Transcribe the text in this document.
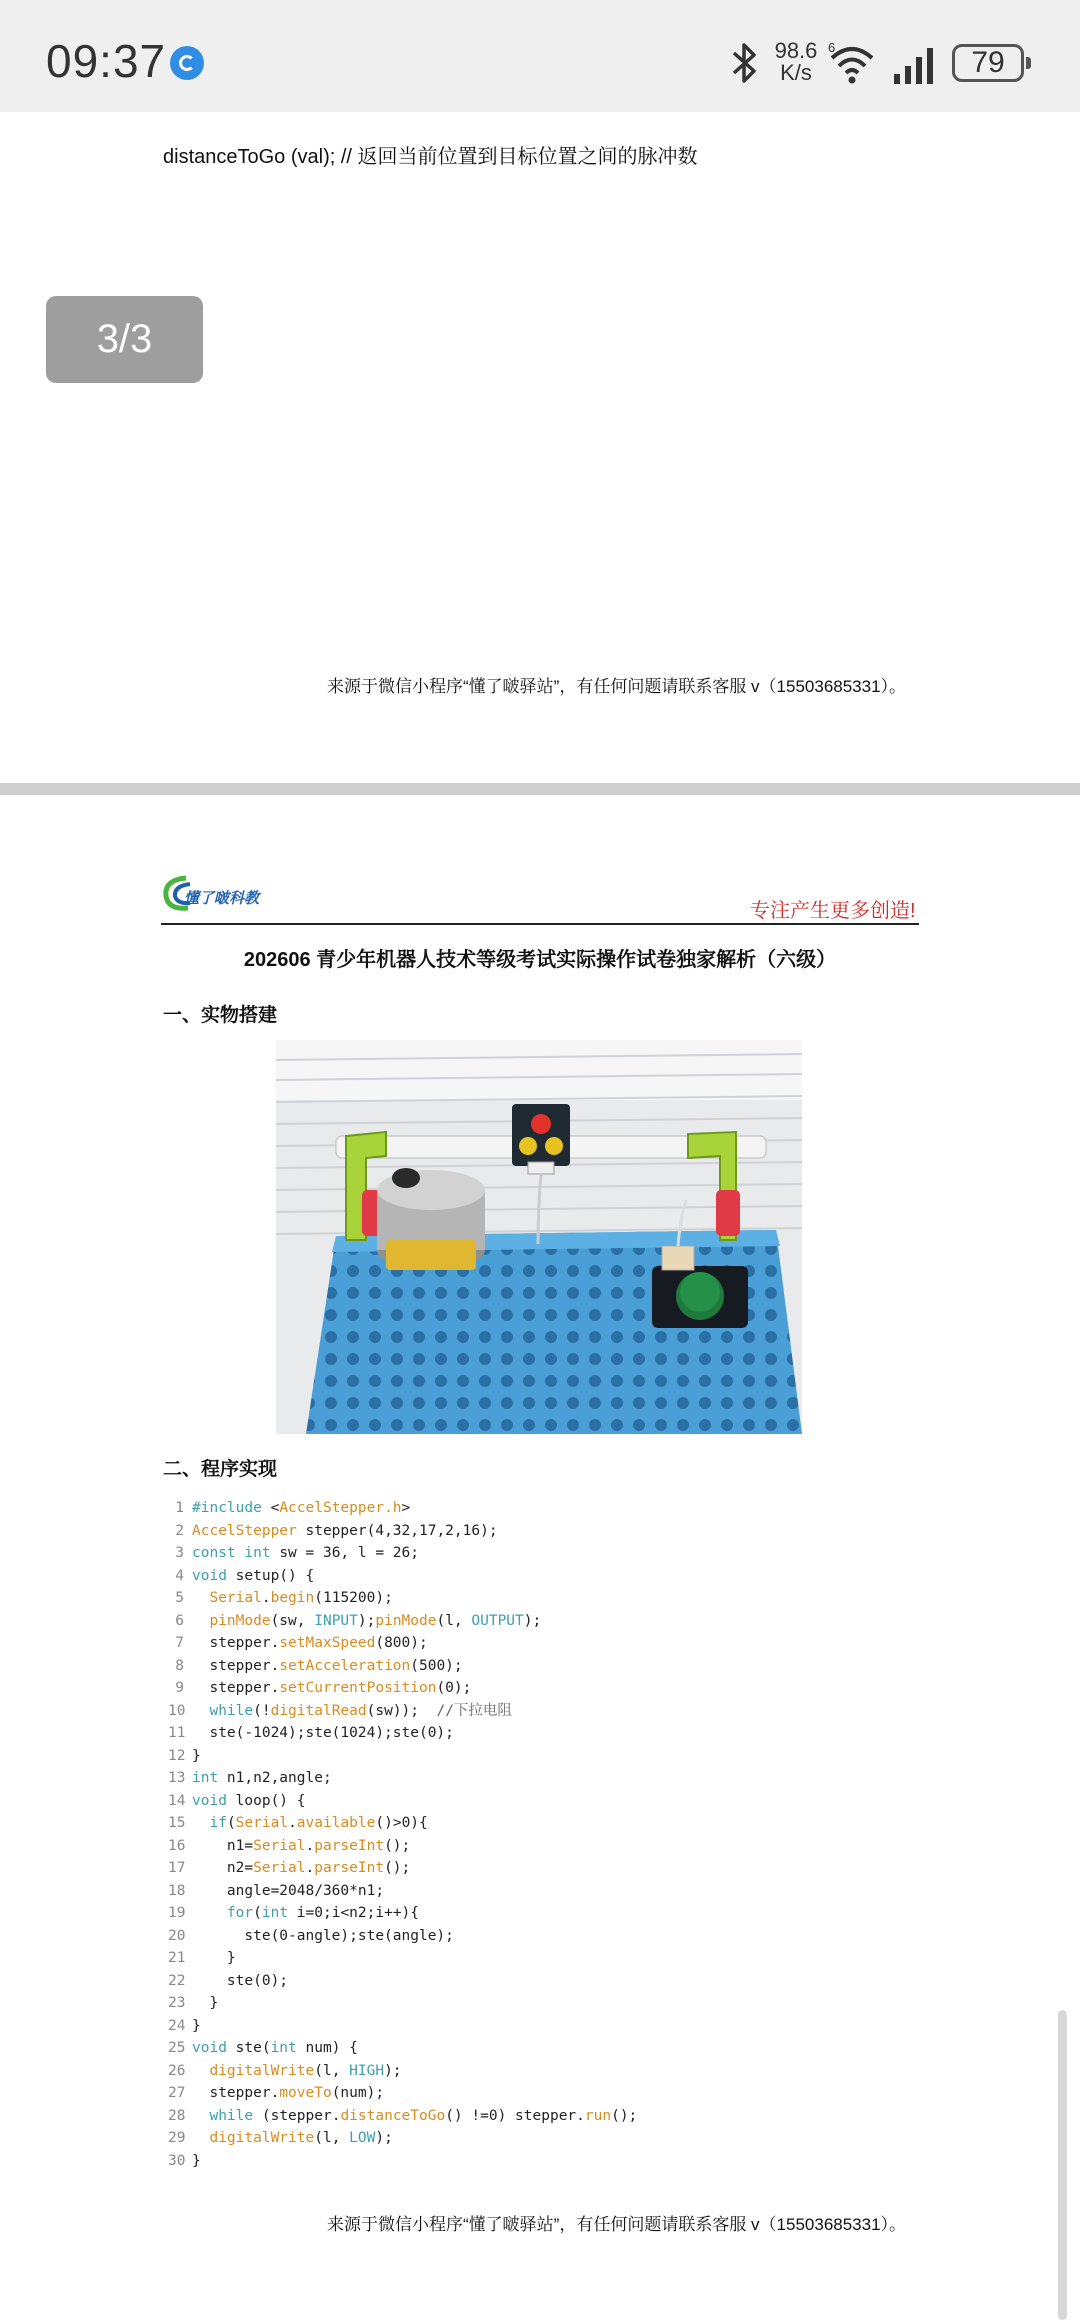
09:37	98.6
K/s
6	79
distanceToGo (val); // 返回当前位置到目标位置之间的脉冲数
3/3
来源于微信小程序“懂了啵驿站”，有任何问题请联系客服 v（15503685331）。
懂了啵科教
专注产生更多创造!
202606 青少年机器人技术等级考试实际操作试卷独家解析（六级）
一、实物搭建
二、程序实现
1 #include <AccelStepper.h>
2 AccelStepper stepper(4,32,17,2,16);
3 const int sw = 36, l = 26;
4 void setup() {
5 Serial.begin(115200);
6 pinMode(sw, INPUT);pinMode(l, OUTPUT);
7  stepper.setMaxSpeed(800);
8  stepper.setAcceleration(500);
9  stepper.setCurrentPosition(0);
10 while(!digitalRead(sw));  //下拉电阻
11  ste(-1024);ste(1024);ste(0);
12 }
13 int n1,n2,angle;
14 void loop() {
15 if(Serial.available()>0){
16    n1=Serial.parseInt();
17    n2=Serial.parseInt();
18    angle=2048/360*n1;
19	for(int i=0;i<n2;i++){
20      ste(0-angle);ste(angle);
21    }
22    ste(0);
23  }
24 }
25 void ste(int num) {
26 digitalWrite(l, HIGH);
27  stepper.moveTo(num);
28 while (stepper.distanceToGo() !=0) stepper.run();
29 digitalWrite(l, LOW);
30 }
来源于微信小程序“懂了啵驿站”，有任何问题请联系客服 v（15503685331）。
